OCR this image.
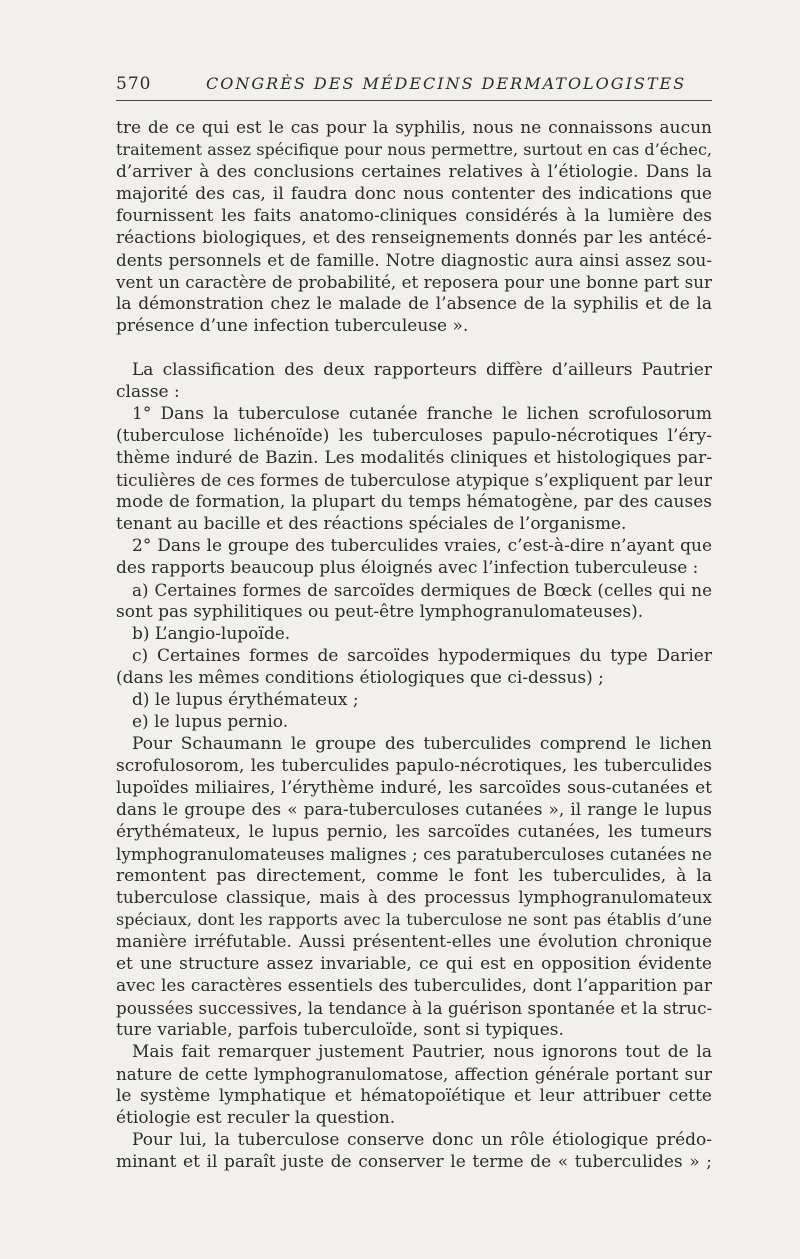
570	CONGRÈS DES MÉDECINS DERMATOLOGISTES
tre de ce qui est le cas pour la syphilis, nous ne connaissons aucun
traitement assez spécifique pour nous permettre, surtout en cas d’échec,
d’arriver à des conclusions certaines relatives à l’étiologie. Dans la
majorité des cas, il faudra donc nous contenter des indications que
fournissent les faits anatomo-cliniques considérés à la lumière des
réactions biologiques, et des renseignements donnés par les antécé-
dents personnels et de famille. Notre diagnostic aura ainsi assez sou-
vent un caractère de probabilité, et reposera pour une bonne part sur
la démonstration chez le malade de l’absence de la syphilis et de la
présence d’une infection tuberculeuse ».
La classification des deux rapporteurs diffère d’ailleurs Pautrier
classe :
1° Dans la tuberculose cutanée franche le lichen scrofulosorum
(tuberculose lichénoïde) les tuberculoses papulo-nécrotiques l’éry-
thème induré de Bazin. Les modalités cliniques et histologiques par-
ticulières de ces formes de tuberculose atypique s’expliquent par leur
mode de formation, la plupart du temps hématogène, par des causes
tenant au bacille et des réactions spéciales de l’organisme.
2° Dans le groupe des tuberculides vraies, c’est-à-dire n’ayant que
des rapports beaucoup plus éloignés avec l’infection tuberculeuse :
a) Certaines formes de sarcoïdes dermiques de Bœck (celles qui ne
sont pas syphilitiques ou peut-être lymphogranulomateuses).
b) L’angio-lupoïde.
c) Certaines formes de sarcoïdes hypodermiques du type Darier
(dans les mêmes conditions étiologiques que ci-dessus) ;
d) le lupus érythémateux ;
e) le lupus pernio.
Pour Schaumann le groupe des tuberculides comprend le lichen
scrofulosorom, les tuberculides papulo-nécrotiques, les tuberculides
lupoïdes miliaires, l’érythème induré, les sarcoïdes sous-cutanées et
dans le groupe des « para-tuberculoses cutanées », il range le lupus
érythémateux, le lupus pernio, les sarcoïdes cutanées, les tumeurs
lymphogranulomateuses malignes ; ces paratuberculoses cutanées ne
remontent pas directement, comme le font les tuberculides, à la
tuberculose classique, mais à des processus lymphogranulomateux
spéciaux, dont les rapports avec la tuberculose ne sont pas établis d’une
manière irréfutable. Aussi présentent-elles une évolution chronique
et une structure assez invariable, ce qui est en opposition évidente
avec les caractères essentiels des tuberculides, dont l’apparition par
poussées successives, la tendance à la guérison spontanée et la struc-
ture variable, parfois tuberculoïde, sont si typiques.
Mais fait remarquer justement Pautrier, nous ignorons tout de la
nature de cette lymphogranulomatose, affection générale portant sur
le système lymphatique et hématopoïétique et leur attribuer cette
étiologie est reculer la question.
Pour lui, la tuberculose conserve donc un rôle étiologique prédo-
minant et il paraît juste de conserver le terme de « tuberculides » ;
